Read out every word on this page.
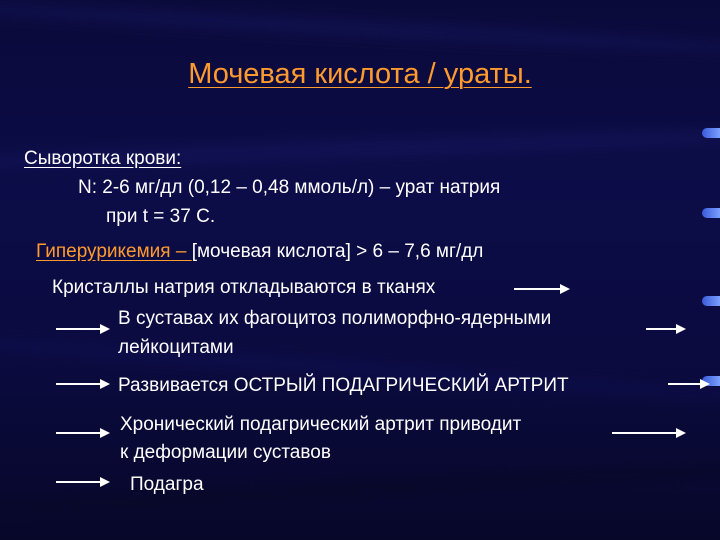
Мочевая кислота / ураты.
Сыворотка крови:
N: 2-6 мг/дл (0,12 – 0,48 ммоль/л) – урат натрия
при t = 37 С.
Гиперурикемия – [мочевая кислота] > 6 – 7,6 мг/дл
Кристаллы натрия откладываются в тканях
В суставах их фагоцитоз полиморфно-ядерными
лейкоцитами
Развивается ОСТРЫЙ ПОДАГРИЧЕСКИЙ АРТРИТ
Хронический подагрический артрит приводит
к деформации суставов
Подагра
